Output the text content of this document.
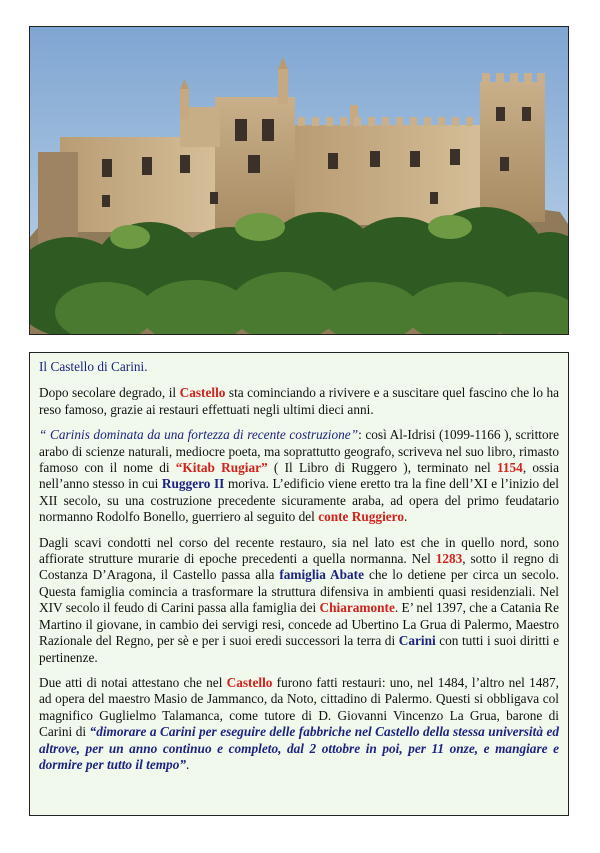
Il Castello di Carini.

Dopo secolare degrado, il Castello sta cominciando a rivivere e a suscitare quel fascino che lo ha reso famoso, grazie ai restauri effettuati negli ultimi dieci anni.

“ Carinis dominata da una fortezza di recente costruzione”: così Al-Idrisi (1099-1166 ), scrittore arabo di scienze naturali, mediocre poeta, ma soprattutto geografo, scriveva nel suo libro, rimasto famoso con il nome di “Kitab Rugiar” ( Il Libro di Ruggero ), terminato nel 1154, ossia nell’anno stesso in cui Ruggero II moriva. L’edificio viene eretto tra la fine dell’XI e l’inizio del XII secolo, su una costruzione precedente sicuramente araba, ad opera del primo feudatario normanno Rodolfo Bonello, guerriero al seguito del conte Ruggiero.

Dagli scavi condotti nel corso del recente restauro, sia nel lato est che in quello nord, sono affiorate strutture murarie di epoche precedenti a quella normanna. Nel 1283, sotto il regno di Costanza D’Aragona, il Castello passa alla famiglia Abate che lo detiene per circa un secolo. Questa famiglia comincia a trasformare la struttura difensiva in ambienti quasi residenziali. Nel XIV secolo il feudo di Carini passa alla famiglia dei Chiaramonte. E’ nel 1397, che a Catania Re Martino il giovane, in cambio dei servigi resi, concede ad Ubertino La Grua di Palermo, Maestro Razionale del Regno, per sè e per i suoi eredi successori la terra di Carini con tutti i suoi diritti e pertinenze.

Due atti di notai attestano che nel Castello furono fatti restauri: uno, nel 1484, l’altro nel 1487, ad opera del maestro Masio de Jammanco, da Noto, cittadino di Palermo. Questi si obbligava col magnifico Guglielmo Talamanca, come tutore di D. Giovanni Vincenzo La Grua, barone di Carini di “dimorare a Carini per eseguire delle fabbriche nel Castello della stessa università ed altrove, per un anno continuo e completo, dal 2 ottobre in poi, per 11 onze, e mangiare e dormire per tutto il tempo”.
